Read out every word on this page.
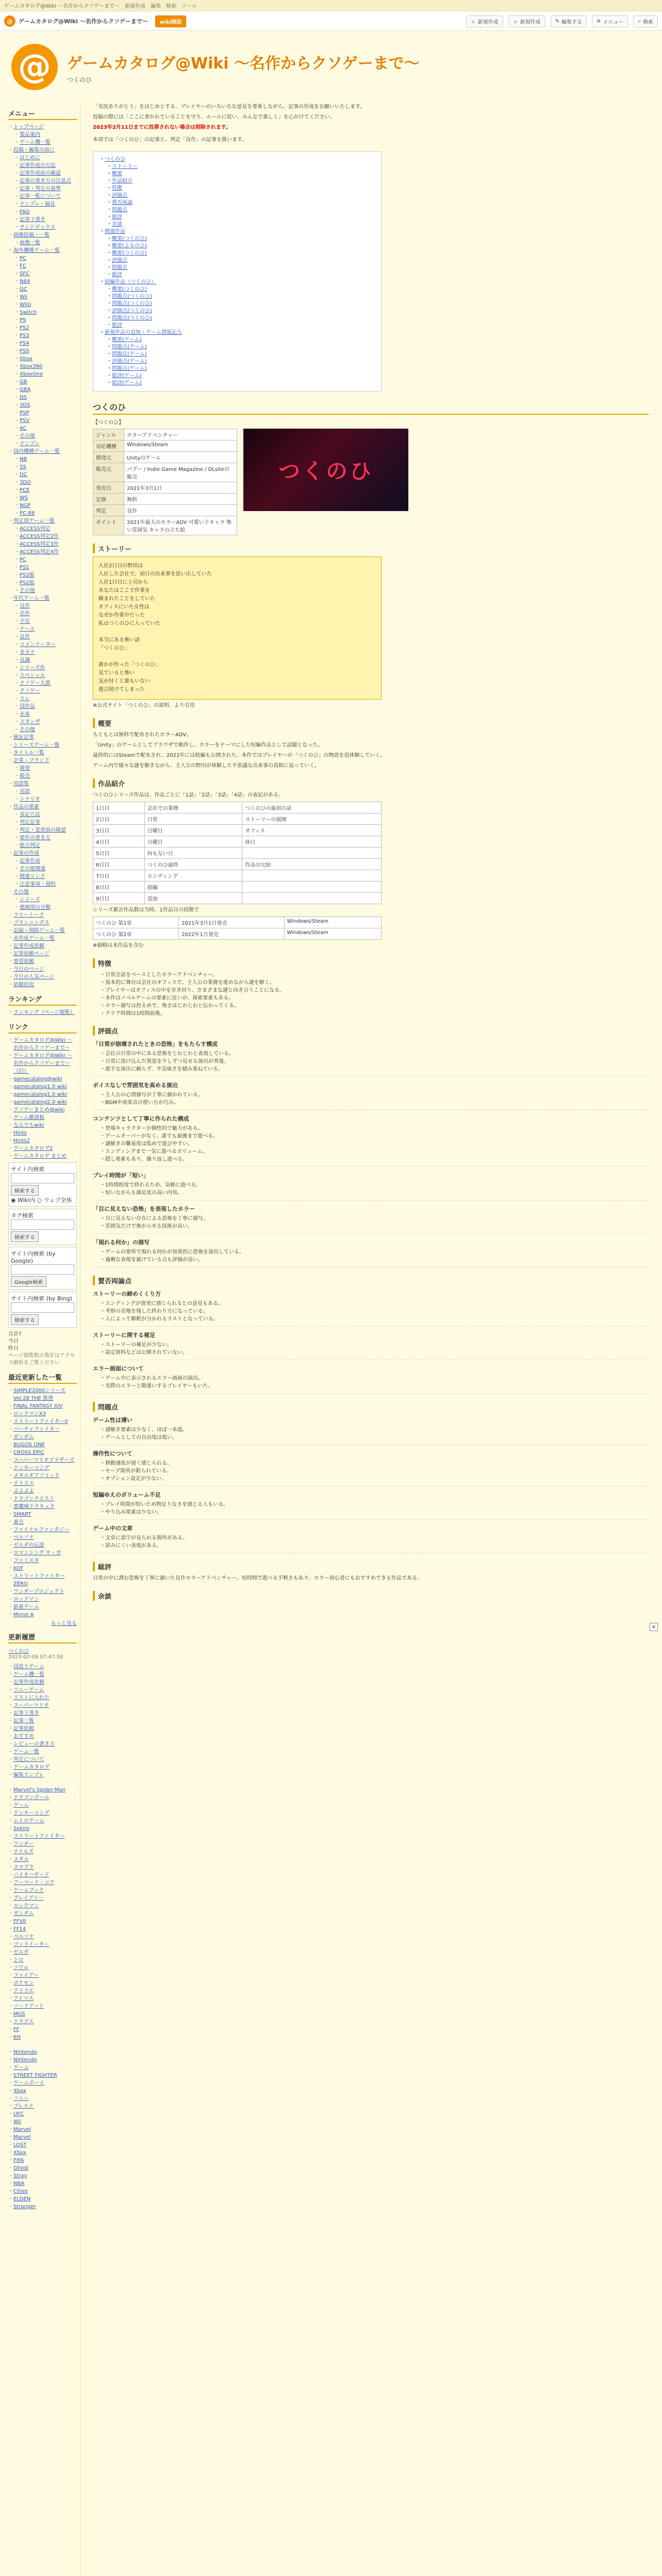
ゲームカタログ@Wiki ～名作からクソゲーまで～ 新規作成 編集 検索 ツール
@	ゲームカタログ@Wiki ～名作からクソゲーまで～	wiki開設	＋ 新規作成	＋ 新規作成	✎ 編集する	≡ メニュー	⌕ 検索
@	ゲームカタログ@Wiki ～名作からクソゲーまで～
つくのひ
メニュー
・ トップページ
・ 製品案内
・ ゲーム機一覧
・ 投稿・編集の前に
・ はじめに
・ 記事作成の方法
・ 記事作成前の確認
・ 記事の書き方の注意点
・ 記事・判定の基準
・ 記事一覧について
・ テンプレ・偏見
・ FAQ
・ 記事下書き
・ サンドボックス
・ 画像投稿・一覧
・ 画像一覧
・ 海外機種ゲーム一覧
・ PC
・ FC
・ SFC
・ N64
・ GC
・ Wii
・ WiiU
・ Switch
・ PS
・ PS2
・ PS3
・ PS4
・ PS5
・ Xbox
・ Xbox360
・ XboxOne
・ GB
・ GBA
・ DS
・ 3DS
・ PSP
・ PSV
・ AC
・ その他
・ テンプレ
・ 国内機種ゲーム一覧
・ NB
・ SS
・ DC
・ 3DO
・ PCE
・ WS
・ NGP
・ PC-88
・ 判定別ゲーム一覧
・ ACCESS判定
・ ACCESS判定2作
・ ACCESS判定3作
・ ACCESS判定4作
・ PC
・ PS1
・ PS2版
・ PS2版
・ その他
・ 年代ゲーム一覧
・ 良作
・ 名作
・ 不安
・ ケース
・ 良作
・ コメンテーター
・ 非カテ
・ 良識
・ シリーズ作
・ スペシャル
・ クソゲー大賞
・ クソゲー
・ スレ
・ 国作品
・ 未来
・ スタンザ
・ その他
・ 検証記事
・ シリーズゲーム一覧
・ タイトル一覧
・ 企業・ブランド
・ 開発
・ 販売
・ 用語集
・ 用語
・ シナリオ
・ 作品の要素
・ 表記方法
・ 判定記事
・ 判定・変更前の確認
・ 要件の書き方
・ 総合判定
・ 記事の作成
・ 記事作成
・ その他関連
・ 関連リンク
・ 注意事項・規約
・ その他
・ シリーズ
・ 地域別の分類
・ フリートーク
・ プランニングス
・ 記録・削除ゲーム一覧
・ 未作成ゲーム一覧
・ 記事作成依頼
・ 記事依頼ページ
・ 要望依頼
・ 今日のページ
・ 今日の人気ページ
・ 依頼状況
ランキング
・ ランキング（ページ閲覧）
リンク
・ ゲームカタログ@Wiki ～名作からクソゲーまで～
・ ゲームカタログ@Wiki ～名作からクソゲーまで～（旧）
・ gamecatalog@wiki
・ gamecatalog1.0 wiki
・ gamecatalog1.0 wiki
・ gamecatalog2.0 wiki
・ クソゲーまとめ@wiki
・ ゲーム雑談板
・ なんでもwiki
・ Hints
・ Hints2
・ ゲームカタログ2
・ ゲームカタログ まとめ
サイト内検索
検索する
◉ Wiki内 ○ ウェブ全体
タグ検索
検索する
サイト内検索 (by Google)
Google検索
サイト内検索 (by Bing)
検索する
合計?
今日
昨日
ページ閲覧数の集計はアクセス解析をご覧ください
最近更新した一覧
・ SIMPLE2000シリーズ Vol.28 THE 推理
・ FINAL FANTASY XIV
・ ロックマンX3
・ ストリートファイターII
・ バーチャファイター
・ ガンダム
・ BUGOS ONE
・ CROSS EPIC
・ スーパーマリオブラザーズ
・ ドンキーコング
・ メタルギアソリッド
・ テトリス
・ ぷよぷよ
・ ドラゴンクエスト
・ 悪魔城ドラキュラ
・ SMART
・ 東方
・ ファイナルファンタジー
・ ペルソナ
・ ゼルダの伝説
・ ロマンシング サ・ガ
・ ファミスタ
・ KOF
・ ストリートファイターZERO
・ ワンダープロジェクト
・ ロックマン
・ 新着ゲーム
・ Mirror A
もっと見る
更新履歴
つくのひ
2023-02-09 07:47:58
・ 国盗りゲーム
・ ゲーム機一覧
・ 記事作成依頼
・ ソニーゲーム
・ リストに入れた
・ スーパーマリオ
・ 記事下書き
・ 記事一覧
・ 記事依頼
・ おすすめ
・ レビューの書き方
・ ゲーム一覧
・ 判定について
・ ゲームカタログ
・ 編集テンプレ
・ Marvel's Spider-Man
・ ドラゴンボール
・ ゲーム
・ ドンキーコング
・ レトロゲーム
・ Sekiro
・ ストリートファイター
・ ワンダー
・ テイルズ
・ メタル
・ スマブラ
・ バイオハザード
・ アーマード・コア
・ ゲームブック
・ ブレイブリー
・ ロックマン
・ ガンダム
・ FFVII
・ FF14
・ ペルソナ
・ ゴッドイーター
・ ゼルダ
・ トロ
・ ソウル
・ ファイアー
・ ポケモン
・ アトリエ
・ アイマス
・ ソードアート
・ MGS
・ ドラクエ
・ FF
・ KH
・ Nintendo
・ Nintendo
・ ゲーム
・ STREET FIGHTER
・ ゲームボーイ
・ Xbox
・ ソニー
・ プレステ
・ UFC
・ Wii
・ Marvel
・ Marvel
・ LOST
・ Xbox
・ FIFA
・ Ghost
・ Stray
・ NBA
・ Cities
・ ELDEN
・ Stranger

「実況ありがとう」をはじめとする、プレイヤーのいろいろな意見を尊重しながら、記事の作成をお願いいたします。

投稿の際には「ここに書かれていることを守り、ルールに従い、みんなで楽しく」を心がけてください。

2023年2月11日までに投票されない場合は削除されます。

本項では「つくのひ」の記事と、判定「良作」の記事を扱います。

・ つくのひ
・ ストーリー
・ 概要
・ 作品紹介
・ 特徴
・ 評価点
・ 賛否両論
・ 問題点
・ 総評
・ 余談
・ 関連作品
・ 概要(つくのひ)
・ 概要(よるのひ)
・ 概要(つくのひ)
・ 評価点
・ 問題点
・ 総評
・ 続編作品（つくのひ）
・ 概要(つくのひ)
・ 問題点(つくのひ)
・ 問題点(つくのひ)
・ 評価点(つくのひ)
・ 問題点(つくのひ)
・ 総評
・ 新規作品の追加・ゲーム情報記入
・ 概要(ゲーム)
・ 問題点(ゲーム)
・ 問題点(ゲーム)
・ 評価点(ゲーム)
・ 問題点(ゲーム)
・ 総評(ゲーム)
・ 総評(ゲーム)
つくのひ
【つくのひ】
ジャンル	ホラーアドベンチャー
対応機種	Windows/Steam
開発元	Unityのゲーム
販売元	パブー / Indie Game Magazine / DLsiteの販売
発売日	2021年3月1日
定価	無料
判定	良作
ポイント	2021年最大のホラーADV 可愛い子キャラ 怖い雰囲気 キャラの立ち絵
つくのひ
ストーリー
入社2日目の野田は
入社した会社で、初日の出来事を思い出していた
入社1日目に上司から
あなたはここで作業を
頼まれたことをしていた
オフィスにいた女性は
なぜか作業中だった
私はつくのひに入っていた

本当にある怖い話
「つくのひ」

誰かが作った「つくのひ」
見ていると怖い
気が付くと誰もいない
遊び続けてしまった

※公式サイト「つくのひ」の説明、より引用

概要

もともとは無料で配布されたホラーADV。

「Unity」のゲームとしてブラウザで動作し、ホラーをテーマにした短編作品として話題となった。

最終的にはSteamで配布され、2022年には続編も公開された。本作ではプレイヤーが「つくのひ」の物語を追体験していく。

ゲーム内で様々な謎を解きながら、主人公の野田が体験した不思議な出来事の真相に迫っていく。

作品紹介

つくのひシリーズ作品は、作品ごとに「1話」「2話」「3話」「4話」の表記がある。

1日目	会社での業務	つくのひの最初の話
2日目	日常	ストーリーの展開
3日目	日曜日	オフィス
4日目	月曜日	休日
5日目	何もない日	
6日目	つくのひ最終	作品の完結
7日目	エンディング	
8日目	続編	
9日目	追加	

シリーズ累計作品数は当時、1作品目の段階で

つくのひ 第1章	2021年3月1日発売	Windows/Steam
つくのひ 第2章	2022年1月発売	Windows/Steam

※価格は本作品を含む

特徴
・日常会話をベースとしたホラーアドベンチャー。
・基本的に舞台は会社のオフィスで、主人公の業務を進めながら謎を解く。
・プレイヤーはオフィスの中を歩き回り、さまざまな謎と向き合うことになる。
・本作はノベルゲームの要素に近いが、探索要素もある。
・ホラー描写は控えめで、怖さはじわじわと伝わってくる。
・クリア時間は1時間前後。
評価点
「日常が崩壊されたときの恐怖」をもたらす構成
・会社の日常の中にある恐怖をじわじわと表現している。
・日常に溶け込んだ異変を少しずつ見せる演出が秀逸。
・派手な演出に頼らず、不気味さを積み重ねている。
ボイスなしで雰囲気を高める演出
・主人公の心情描写が丁寧に描かれている。
・BGMや効果音の使い方が巧み。
コンテンツとして丁寧に作られた構成
・登場キャラクターが個性的で魅力がある。
・ゲームオーバーがなく、誰でも最後まで遊べる。
・謎解きの難易度は低めで遊びやすい。
・エンディングまで一気に遊べるボリューム。
・隠し要素もあり、繰り返し遊べる。
プレイ時間が「短い」
・1時間程度で終わるため、気軽に遊べる。
・短いながらも満足度の高い内容。
「目に見えない恐怖」を表現したホラー
・目に見えない存在による恐怖を丁寧に描写。
・雰囲気だけで怖がらせる技術が高い。
「現れる何か」の描写
・ゲームの要所で現れる何かが効果的に恐怖を演出している。
・過剰な表現を避けている点も評価が高い。
賛否両論点
ストーリーの締めくくり方
・エンディングが唐突に感じられるとの意見もある。
・考察の余地を残した終わり方になっている。
・人によって解釈が分かれるラストとなっている。
ストーリーに関する補足
・ストーリーの補足が少ない。
・設定資料などは公開されていない。
エラー画面について
・ゲーム中に表示されるエラー画面の演出。
・実際のエラーと勘違いするプレイヤーもいた。
問題点
ゲーム性は薄い
・謎解き要素は少なく、ほぼ一本道。
・ゲームとしての自由度は低い。
操作性について
・移動速度が遅く感じられる。
・セーブ箇所が限られている。
・オプション設定が少ない。
短編ゆえのボリューム不足
・プレイ時間が短いため物足りなさを感じる人もいる。
・やり込み要素は少ない。
ゲーム中の文章
・文章に誤字が見られる箇所がある。
・読みにくい表現がある。
総評

日常の中に潜む恐怖を丁寧に描いた良作ホラーアドベンチャー。短時間で遊べる手軽さもあり、ホラー初心者にもおすすめできる作品である。

余談
×
